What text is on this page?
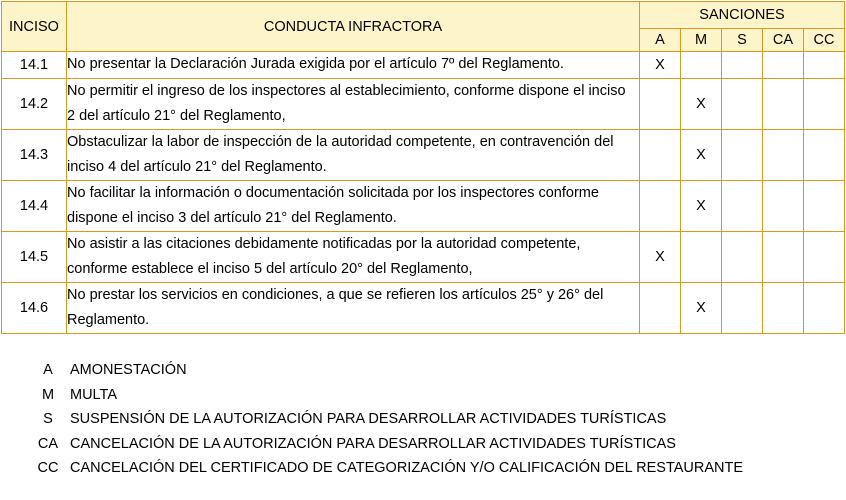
INCISO	CONDUCTA INFRACTORA	SANCIONES				
		A	M	S	CA	CC
14.1	No presentar la Declaración Jurada exigida por el artículo 7º del Reglamento.	X				
14.2	No permitir el ingreso de los inspectores al establecimiento, conforme dispone el inciso
2 del artículo 21° del Reglamento,		X			
14.3	Obstaculizar la labor de inspección de la autoridad competente, en contravención del
inciso 4 del artículo 21° del Reglamento.		X			
14.4	No facilitar la información o documentación solicitada por los inspectores conforme
dispone el inciso 3 del artículo 21° del Reglamento.		X			
14.5	No asistir a las citaciones debidamente notificadas por la autoridad competente,
conforme establece el inciso 5 del artículo 20° del Reglamento,	X				
14.6	No prestar los servicios en condiciones, a que se refieren los artículos 25° y 26° del
Reglamento.		X			
A	AMONESTACIÓN
M	MULTA
S	SUSPENSIÓN DE LA AUTORIZACIÓN PARA DESARROLLAR ACTIVIDADES TURÍSTICAS
CA CANCELACIÓN DE LA AUTORIZACIÓN PARA DESARROLLAR ACTIVIDADES TURÍSTICAS
CC CANCELACIÓN DEL CERTIFICADO DE CATEGORIZACIÓN Y/O CALIFICACIÓN DEL RESTAURANTE
